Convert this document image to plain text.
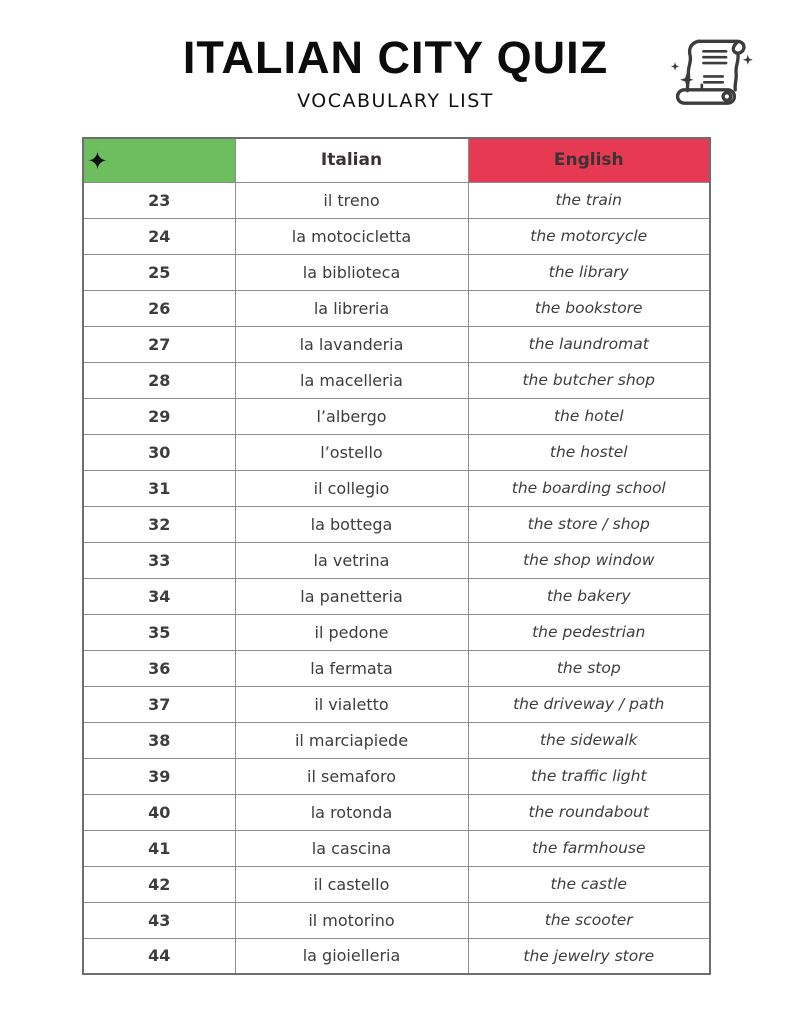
ITALIAN CITY QUIZ
VOCABULARY LIST
✦	Italian	English
23	il treno	the train
24	la motocicletta	the motorcycle
25	la biblioteca	the library
26	la libreria	the bookstore
27	la lavanderia	the laundromat
28	la macelleria	the butcher shop
29	l’albergo	the hotel
30	l’ostello	the hostel
31	il collegio	the boarding school
32	la bottega	the store / shop
33	la vetrina	the shop window
34	la panetteria	the bakery
35	il pedone	the pedestrian
36	la fermata	the stop
37	il vialetto	the driveway / path
38	il marciapiede	the sidewalk
39	il semaforo	the traffic light
40	la rotonda	the roundabout
41	la cascina	the farmhouse
42	il castello	the castle
43	il motorino	the scooter
44	la gioielleria	the jewelry store
